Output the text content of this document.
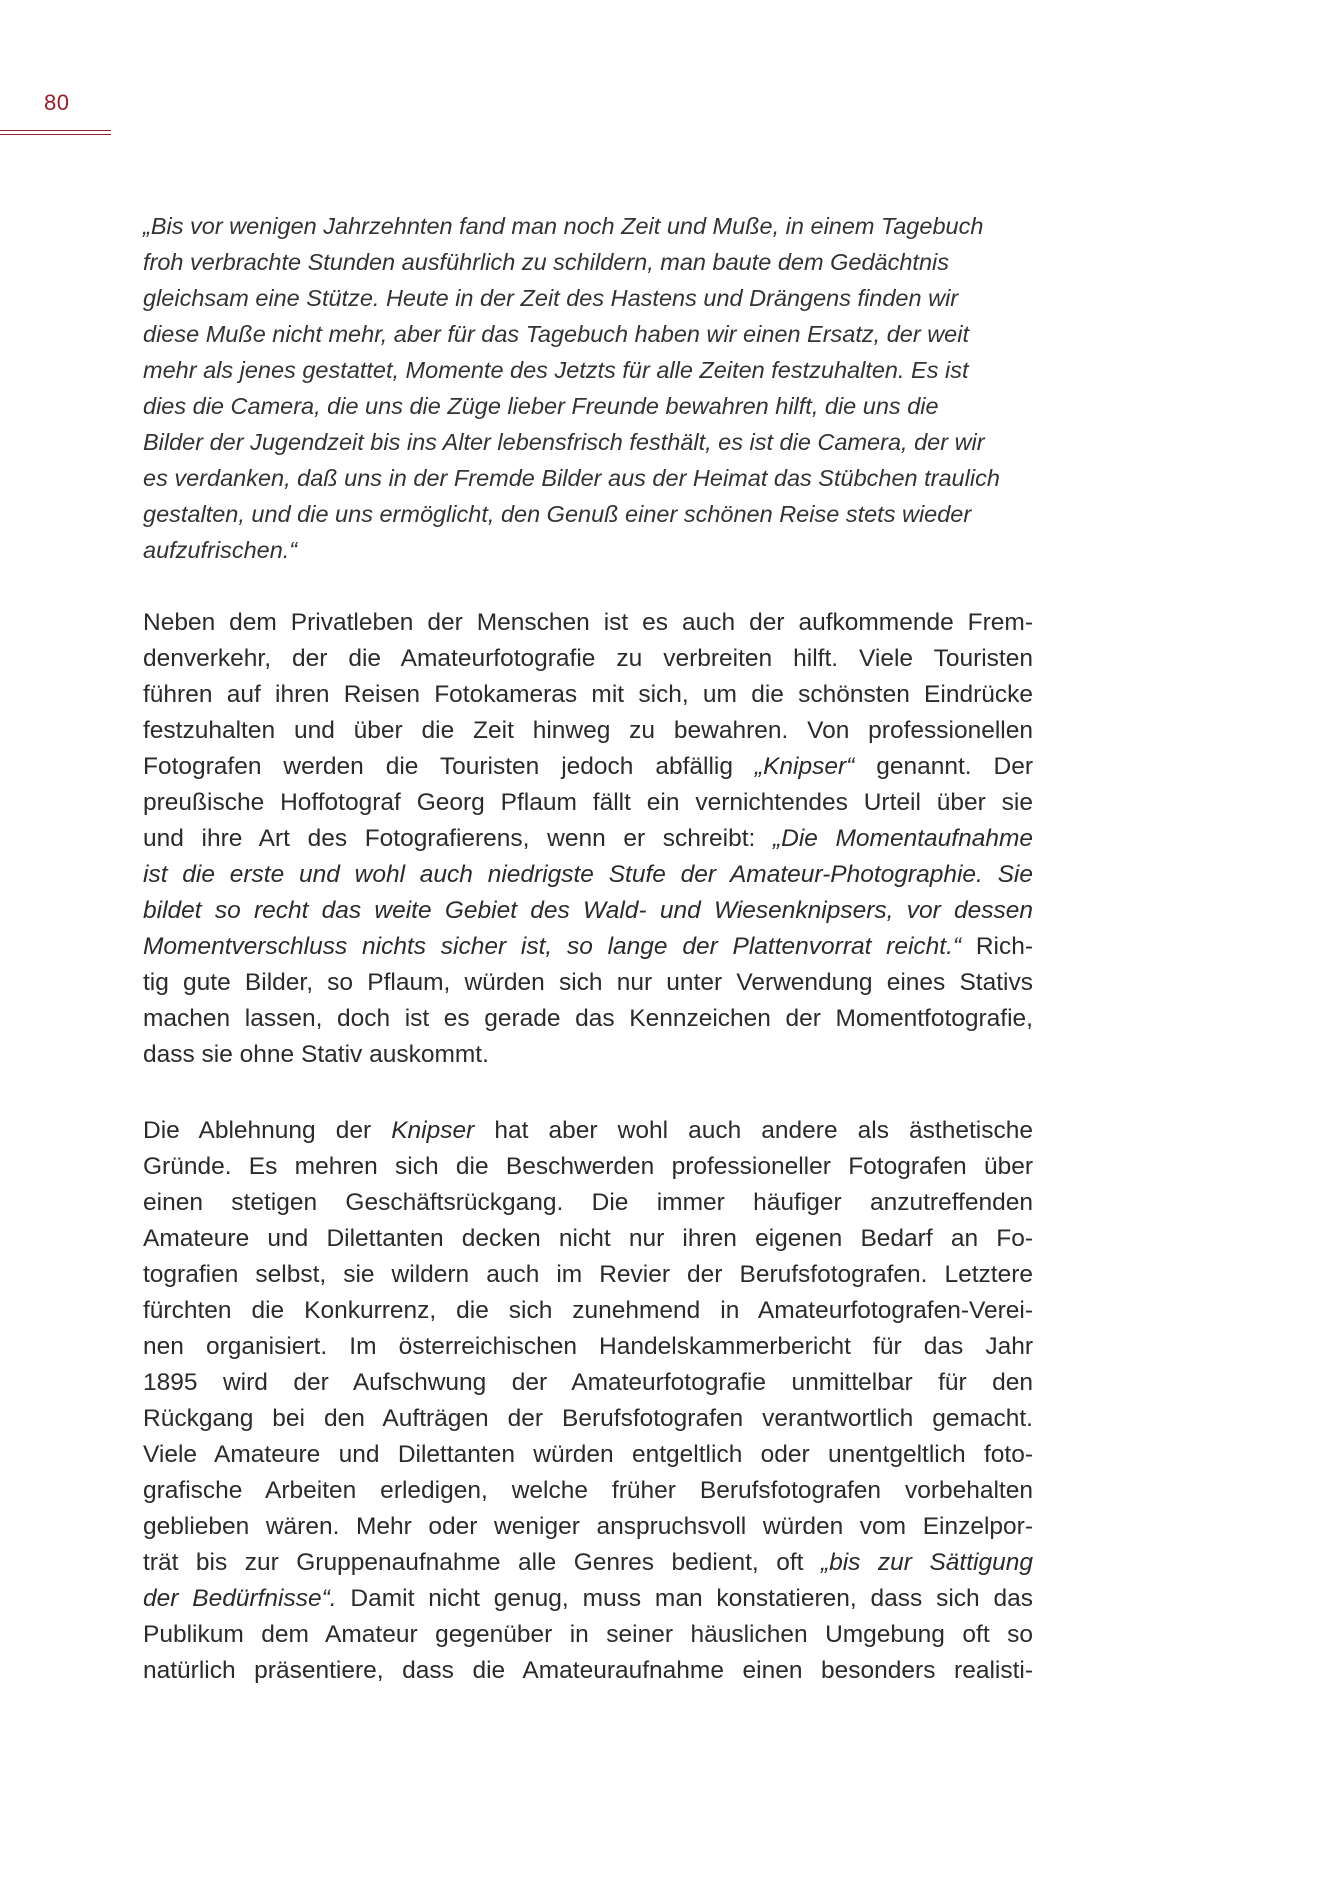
80
„Bis vor wenigen Jahrzehnten fand man noch Zeit und Muße, in einem Tagebuch
froh verbrachte Stunden ausführlich zu schildern, man baute dem Gedächtnis
gleichsam eine Stütze. Heute in der Zeit des Hastens und Drängens finden wir
diese Muße nicht mehr, aber für das Tagebuch haben wir einen Ersatz, der weit
mehr als jenes gestattet, Momente des Jetzts für alle Zeiten festzuhalten. Es ist
dies die Camera, die uns die Züge lieber Freunde bewahren hilft, die uns die
Bilder der Jugendzeit bis ins Alter lebensfrisch festhält, es ist die Camera, der wir
es verdanken, daß uns in der Fremde Bilder aus der Heimat das Stübchen traulich
gestalten, und die uns ermöglicht, den Genuß einer schönen Reise stets wieder
aufzufrischen.“
Neben dem Privatleben der Menschen ist es auch der aufkommende Frem-
denverkehr, der die Amateurfotografie zu verbreiten hilft. Viele Touristen
führen auf ihren Reisen Fotokameras mit sich, um die schönsten Eindrücke
festzuhalten und über die Zeit hinweg zu bewahren. Von professionellen
Fotografen werden die Touristen jedoch abfällig „Knipser“ genannt. Der
preußische Hoffotograf Georg Pflaum fällt ein vernichtendes Urteil über sie
und ihre Art des Fotografierens, wenn er schreibt: „Die Momentaufnahme
ist die erste und wohl auch niedrigste Stufe der Amateur-Photographie. Sie
bildet so recht das weite Gebiet des Wald- und Wiesenknipsers, vor dessen
Momentverschluss nichts sicher ist, so lange der Plattenvorrat reicht.“ Rich-
tig gute Bilder, so Pflaum, würden sich nur unter Verwendung eines Stativs
machen lassen, doch ist es gerade das Kennzeichen der Momentfotografie,
dass sie ohne Stativ auskommt.
Die Ablehnung der Knipser hat aber wohl auch andere als ästhetische
Gründe. Es mehren sich die Beschwerden professioneller Fotografen über
einen stetigen Geschäftsrückgang. Die immer häufiger anzutreffenden
Amateure und Dilettanten decken nicht nur ihren eigenen Bedarf an Fo-
tografien selbst, sie wildern auch im Revier der Berufsfotografen. Letztere
fürchten die Konkurrenz, die sich zunehmend in Amateurfotografen-Verei-
nen organisiert. Im österreichischen Handelskammerbericht für das Jahr
1895 wird der Aufschwung der Amateurfotografie unmittelbar für den
Rückgang bei den Aufträgen der Berufsfotografen verantwortlich gemacht.
Viele Amateure und Dilettanten würden entgeltlich oder unentgeltlich foto-
grafische Arbeiten erledigen, welche früher Berufsfotografen vorbehalten
geblieben wären. Mehr oder weniger anspruchsvoll würden vom Einzelpor-
trät bis zur Gruppenaufnahme alle Genres bedient, oft „bis zur Sättigung
der Bedürfnisse“. Damit nicht genug, muss man konstatieren, dass sich das
Publikum dem Amateur gegenüber in seiner häuslichen Umgebung oft so
natürlich präsentiere, dass die Amateuraufnahme einen besonders realisti-
